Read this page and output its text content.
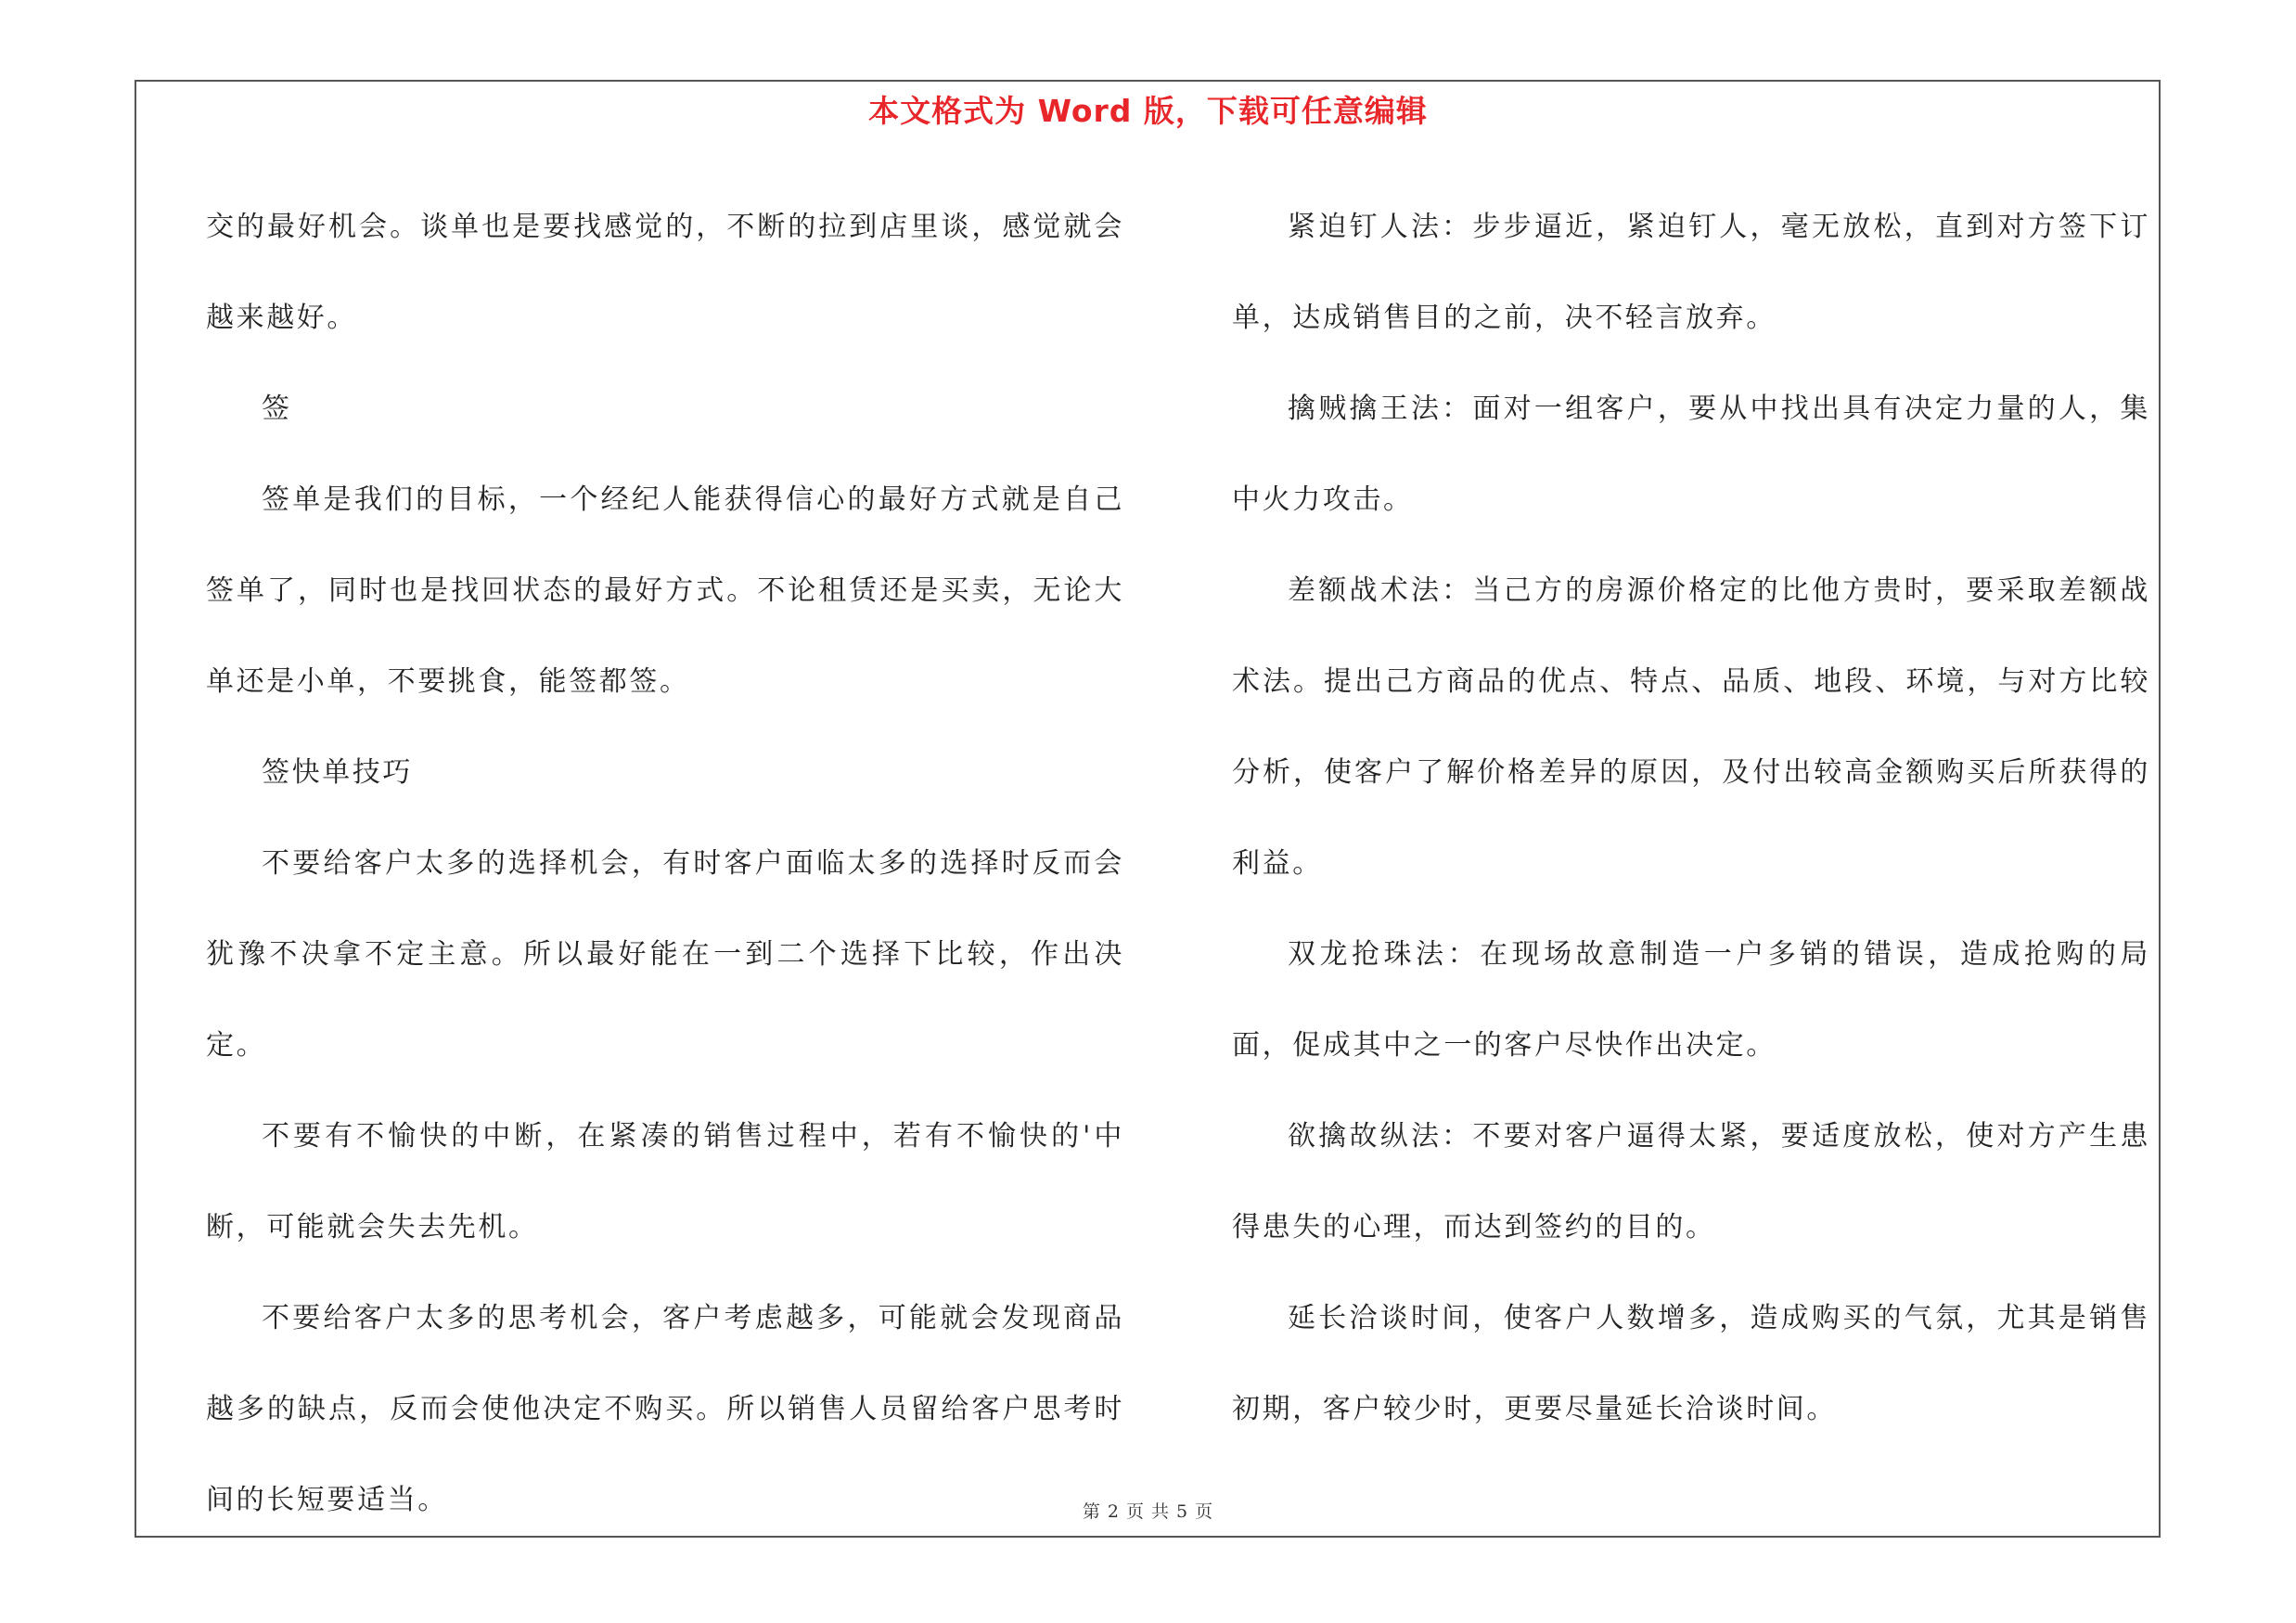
本文格式为 Word 版，下载可任意编辑

交的最好机会。谈单也是要找感觉的，不断的拉到店里谈，感觉就会越来越好。

签

签单是我们的目标，一个经纪人能获得信心的最好方式就是自己签单了，同时也是找回状态的最好方式。不论租赁还是买卖，无论大单还是小单，不要挑食，能签都签。

签快单技巧

不要给客户太多的选择机会，有时客户面临太多的选择时反而会犹豫不决拿不定主意。所以最好能在一到二个选择下比较，作出决定。

不要有不愉快的中断，在紧凑的销售过程中，若有不愉快的'中断，可能就会失去先机。

不要给客户太多的思考机会，客户考虑越多，可能就会发现商品越多的缺点，反而会使他决定不购买。所以销售人员留给客户思考时间的长短要适当。

紧迫钉人法：步步逼近，紧迫钉人，毫无放松，直到对方签下订单，达成销售目的之前，决不轻言放弃。

擒贼擒王法：面对一组客户，要从中找出具有决定力量的人，集中火力攻击。

差额战术法：当己方的房源价格定的比他方贵时，要采取差额战术法。提出己方商品的优点、特点、品质、地段、环境，与对方比较分析，使客户了解价格差异的原因，及付出较高金额购买后所获得的利益。

双龙抢珠法：在现场故意制造一户多销的错误，造成抢购的局面，促成其中之一的客户尽快作出决定。

欲擒故纵法：不要对客户逼得太紧，要适度放松，使对方产生患得患失的心理，而达到签约的目的。

延长洽谈时间，使客户人数增多，造成购买的气氛，尤其是销售初期，客户较少时，更要尽量延长洽谈时间。

第 2 页 共 5 页
